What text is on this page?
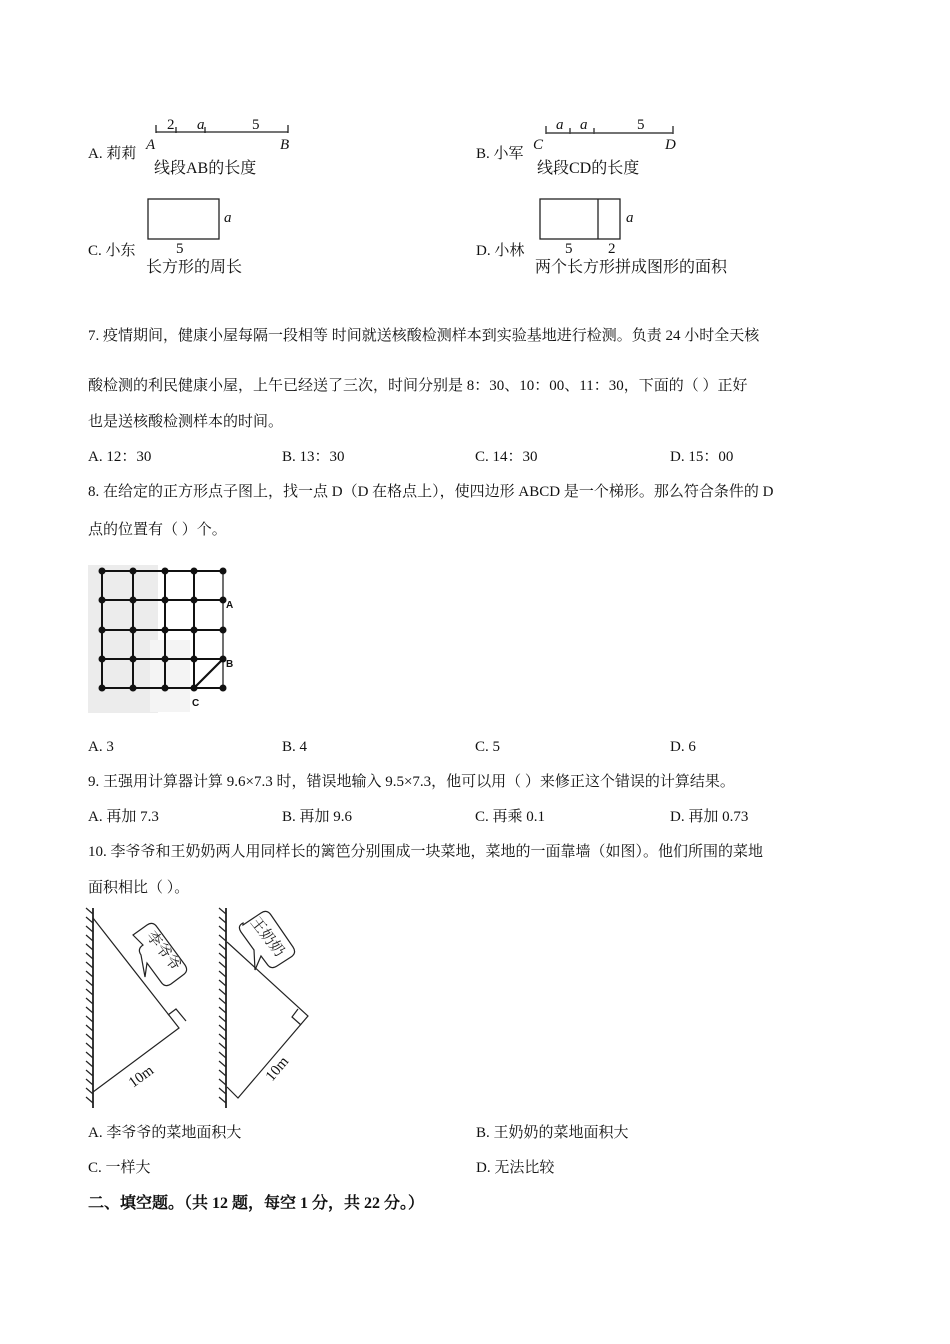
李爷爷	王奶奶
10m	10m
2 a	5
A	B
A. 莉莉
线段AB的长度
a a	5
C	D
B. 小军
线段CD的长度
a
5
C. 小东
长方形的周长
a
5 2
D. 小林
两个长方形拼成图形的面积
7. 疫情期间，健康小屋每隔一段相等 时间就送核酸检测样本到实验基地进行检测。负责 24 小时全天核
酸检测的利民健康小屋，上午已经送了三次，时间分别是 8：30、10：00、11：30，下面的（ ）正好
也是送核酸检测样本的时间。
A. 12：30	B. 13：30	C. 14：30	D. 15：00
8. 在给定的正方形点子图上，找一点 D（D 在格点上），使四边形 ABCD 是一个梯形。那么符合条件的 D
点的位置有（ ）个。
A
B
C
A. 3	B. 4	C. 5	D. 6
9. 王强用计算器计算 9.6×7.3 时，错误地输入 9.5×7.3，他可以用（ ）来修正这个错误的计算结果。
A. 再加 7.3	B. 再加 9.6	C. 再乘 0.1	D. 再加 0.73
10. 李爷爷和王奶奶两人用同样长的篱笆分别围成一块菜地，菜地的一面靠墙（如图）。他们所围的菜地
面积相比（ ）。
A. 李爷爷的菜地面积大	B. 王奶奶的菜地面积大
C. 一样大	D. 无法比较
二、填空题。（共 12 题，每空 1 分，共 22 分。）
